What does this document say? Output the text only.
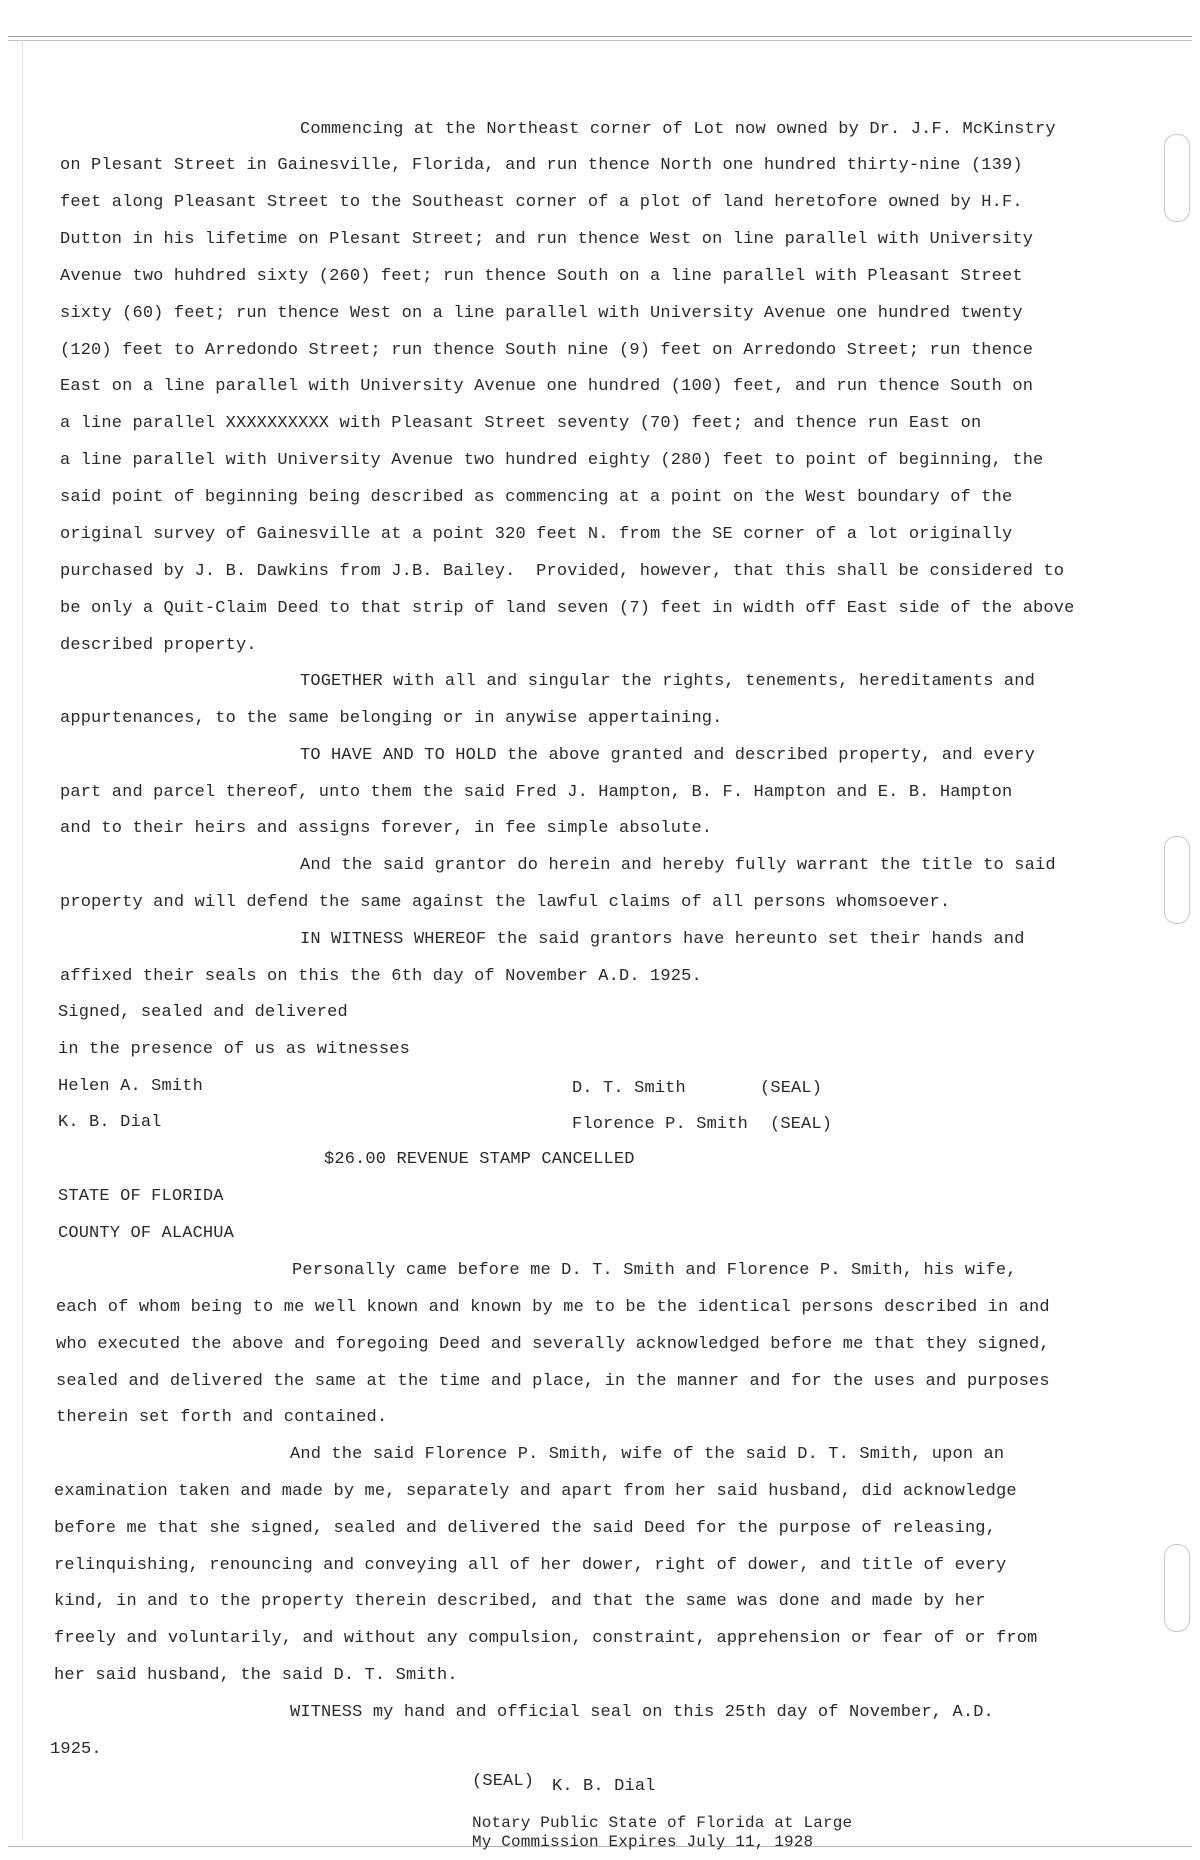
Commencing at the Northeast corner of Lot now owned by Dr. J.F. McKinstry
on Plesant Street in Gainesville, Florida, and run thence North one hundred thirty-nine (139)
feet along Pleasant Street to the Southeast corner of a plot of land heretofore owned by H.F.
Dutton in his lifetime on Plesant Street; and run thence West on line parallel with University
Avenue two huhdred sixty (260) feet; run thence South on a line parallel with Pleasant Street
sixty (60) feet; run thence West on a line parallel with University Avenue one hundred twenty
(120) feet to Arredondo Street; run thence South nine (9) feet on Arredondo Street; run thence
East on a line parallel with University Avenue one hundred (100) feet, and run thence South on
a line parallel XXXXXXXXXX with Pleasant Street seventy (70) feet; and thence run East on
a line parallel with University Avenue two hundred eighty (280) feet to point of beginning, the
said point of beginning being described as commencing at a point on the West boundary of the
original survey of Gainesville at a point 320 feet N. from the SE corner of a lot originally
purchased by J. B. Dawkins from J.B. Bailey.  Provided, however, that this shall be considered to
be only a Quit-Claim Deed to that strip of land seven (7) feet in width off East side of the above
described property.
TOGETHER with all and singular the rights, tenements, hereditaments and
appurtenances, to the same belonging or in anywise appertaining.
TO HAVE AND TO HOLD the above granted and described property, and every
part and parcel thereof, unto them the said Fred J. Hampton, B. F. Hampton and E. B. Hampton
and to their heirs and assigns forever, in fee simple absolute.
And the said grantor do herein and hereby fully warrant the title to said
property and will defend the same against the lawful claims of all persons whomsoever.
IN WITNESS WHEREOF the said grantors have hereunto set their hands and
affixed their seals on this the 6th day of November A.D. 1925.
Signed, sealed and delivered
in the presence of us as witnesses
Helen A. Smith	D. T. Smith	(SEAL)
K. B. Dial	Florence P. Smith (SEAL)
$26.00 REVENUE STAMP CANCELLED
STATE OF FLORIDA
COUNTY OF ALACHUA
Personally came before me D. T. Smith and Florence P. Smith, his wife,
each of whom being to me well known and known by me to be the identical persons described in and
who executed the above and foregoing Deed and severally acknowledged before me that they signed,
sealed and delivered the same at the time and place, in the manner and for the uses and purposes
therein set forth and contained.
And the said Florence P. Smith, wife of the said D. T. Smith, upon an
examination taken and made by me, separately and apart from her said husband, did acknowledge
before me that she signed, sealed and delivered the said Deed for the purpose of releasing,
relinquishing, renouncing and conveying all of her dower, right of dower, and title of every
kind, in and to the property therein described, and that the same was done and made by her
freely and voluntarily, and without any compulsion, constraint, apprehension or fear of or from
her said husband, the said D. T. Smith.
WITNESS my hand and official seal on this 25th day of November, A.D.
1925.
(SEAL) K. B. Dial
Notary Public State of Florida at Large
My Commission Expires July 11, 1928
